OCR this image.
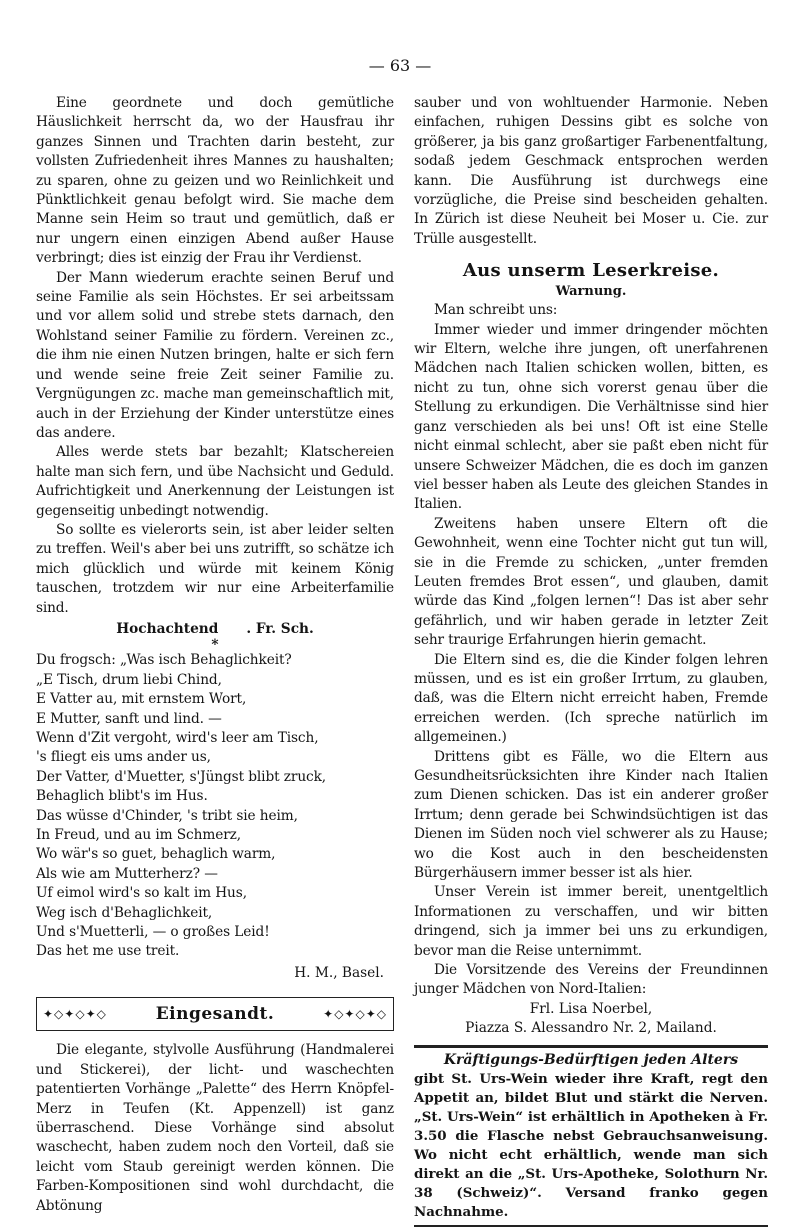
— 63 —

Eine geordnete und doch gemütliche Häuslichkeit herrscht da, wo der Hausfrau ihr ganzes Sinnen und Trachten darin besteht, zur vollsten Zufriedenheit ihres Mannes zu haushalten; zu sparen, ohne zu geizen und wo Reinlichkeit und Pünktlichkeit genau befolgt wird. Sie mache dem Manne sein Heim so traut und gemütlich, daß er nur ungern einen einzigen Abend außer Hause verbringt; dies ist einzig der Frau ihr Verdienst.

Der Mann wiederum erachte seinen Beruf und seine Familie als sein Höchstes. Er sei arbeitssam und vor allem solid und strebe stets darnach, den Wohlstand seiner Familie zu fördern. Vereinen zc., die ihm nie einen Nutzen bringen, halte er sich fern und wende seine freie Zeit seiner Familie zu. Vergnügungen zc. mache man gemeinschaftlich mit, auch in der Erziehung der Kinder unterstütze eines das andere.

Alles werde stets bar bezahlt; Klatschereien halte man sich fern, und übe Nachsicht und Geduld. Aufrichtigkeit und Anerkennung der Leistungen ist gegenseitig unbedingt notwendig.

So sollte es vielerorts sein, ist aber leider selten zu treffen. Weil's aber bei uns zutrifft, so schätze ich mich glücklich und würde mit keinem König tauschen, trotzdem wir nur eine Arbeiterfamilie sind.

Hochachtend . Fr. Sch.

*

Du frogsch: „Was isch Behaglichkeit?
„E Tisch, drum liebi Chind,
E Vatter au, mit ernstem Wort,
E Mutter, sanft und lind. —
Wenn d'Zit vergoht, wird's leer am Tisch,
's fliegt eis ums ander us,
Der Vatter, d'Muetter, s'Jüngst blibt zruck,
Behaglich blibt's im Hus.
Das wüsse d'Chinder, 's tribt sie heim,
In Freud, und au im Schmerz,
Wo wär's so guet, behaglich warm,
Als wie am Mutterherz? —
Uf eimol wird's so kalt im Hus,
Weg isch d'Behaglichkeit,
Und s'Muetterli, — o großes Leid!
Das het me use treit.

H. M., Basel.

✦◇✦◇✦◇	Eingesandt.	✦◇✦◇✦◇

Die elegante, stylvolle Ausführung (Handmalerei und Stickerei), der licht- und waschechten patentierten Vorhänge „Palette“ des Herrn Knöpfel-Merz in Teufen (Kt. Appenzell) ist ganz überraschend. Diese Vorhänge sind absolut waschecht, haben zudem noch den Vorteil, daß sie leicht vom Staub gereinigt werden können. Die Farben-Kompositionen sind wohl durchdacht, die Abtönung

sauber und von wohltuender Harmonie. Neben einfachen, ruhigen Dessins gibt es solche von größerer, ja bis ganz großartiger Farbenentfaltung, sodaß jedem Geschmack entsprochen werden kann. Die Ausführung ist durchwegs eine vorzügliche, die Preise sind bescheiden gehalten. In Zürich ist diese Neuheit bei Moser u. Cie. zur Trülle ausgestellt.

Aus unserm Leserkreise.
Warnung.

Man schreibt uns:

Immer wieder und immer dringender möchten wir Eltern, welche ihre jungen, oft unerfahrenen Mädchen nach Italien schicken wollen, bitten, es nicht zu tun, ohne sich vorerst genau über die Stellung zu erkundigen. Die Verhältnisse sind hier ganz verschieden als bei uns! Oft ist eine Stelle nicht einmal schlecht, aber sie paßt eben nicht für unsere Schweizer Mädchen, die es doch im ganzen viel besser haben als Leute des gleichen Standes in Italien.

Zweitens haben unsere Eltern oft die Gewohnheit, wenn eine Tochter nicht gut tun will, sie in die Fremde zu schicken, „unter fremden Leuten fremdes Brot essen“, und glauben, damit würde das Kind „folgen lernen“! Das ist aber sehr gefährlich, und wir haben gerade in letzter Zeit sehr traurige Erfahrungen hierin gemacht.

Die Eltern sind es, die die Kinder folgen lehren müssen, und es ist ein großer Irrtum, zu glauben, daß, was die Eltern nicht erreicht haben, Fremde erreichen werden. (Ich spreche natürlich im allgemeinen.)

Drittens gibt es Fälle, wo die Eltern aus Gesundheitsrücksichten ihre Kinder nach Italien zum Dienen schicken. Das ist ein anderer großer Irrtum; denn gerade bei Schwindsüchtigen ist das Dienen im Süden noch viel schwerer als zu Hause; wo die Kost auch in den bescheidensten Bürgerhäusern immer besser ist als hier.

Unser Verein ist immer bereit, unentgeltlich Informationen zu verschaffen, und wir bitten dringend, sich ja immer bei uns zu erkundigen, bevor man die Reise unternimmt.

Die Vorsitzende des Vereins der Freundinnen junger Mädchen von Nord-Italien:

Frl. Lisa Noerbel,

Piazza S. Alessandro Nr. 2, Mailand.

Kräftigungs-Bedürftigen jeden Alters

gibt St. Urs-Wein wieder ihre Kraft, regt den Appetit an, bildet Blut und stärkt die Nerven. „St. Urs-Wein“ ist erhältlich in Apotheken à Fr. 3.50 die Flasche nebst Gebrauchsanweisung. Wo nicht echt erhältlich, wende man sich direkt an die „St. Urs-Apotheke, Solothurn Nr. 38 (Schweiz)“. Versand franko gegen Nachnahme.
